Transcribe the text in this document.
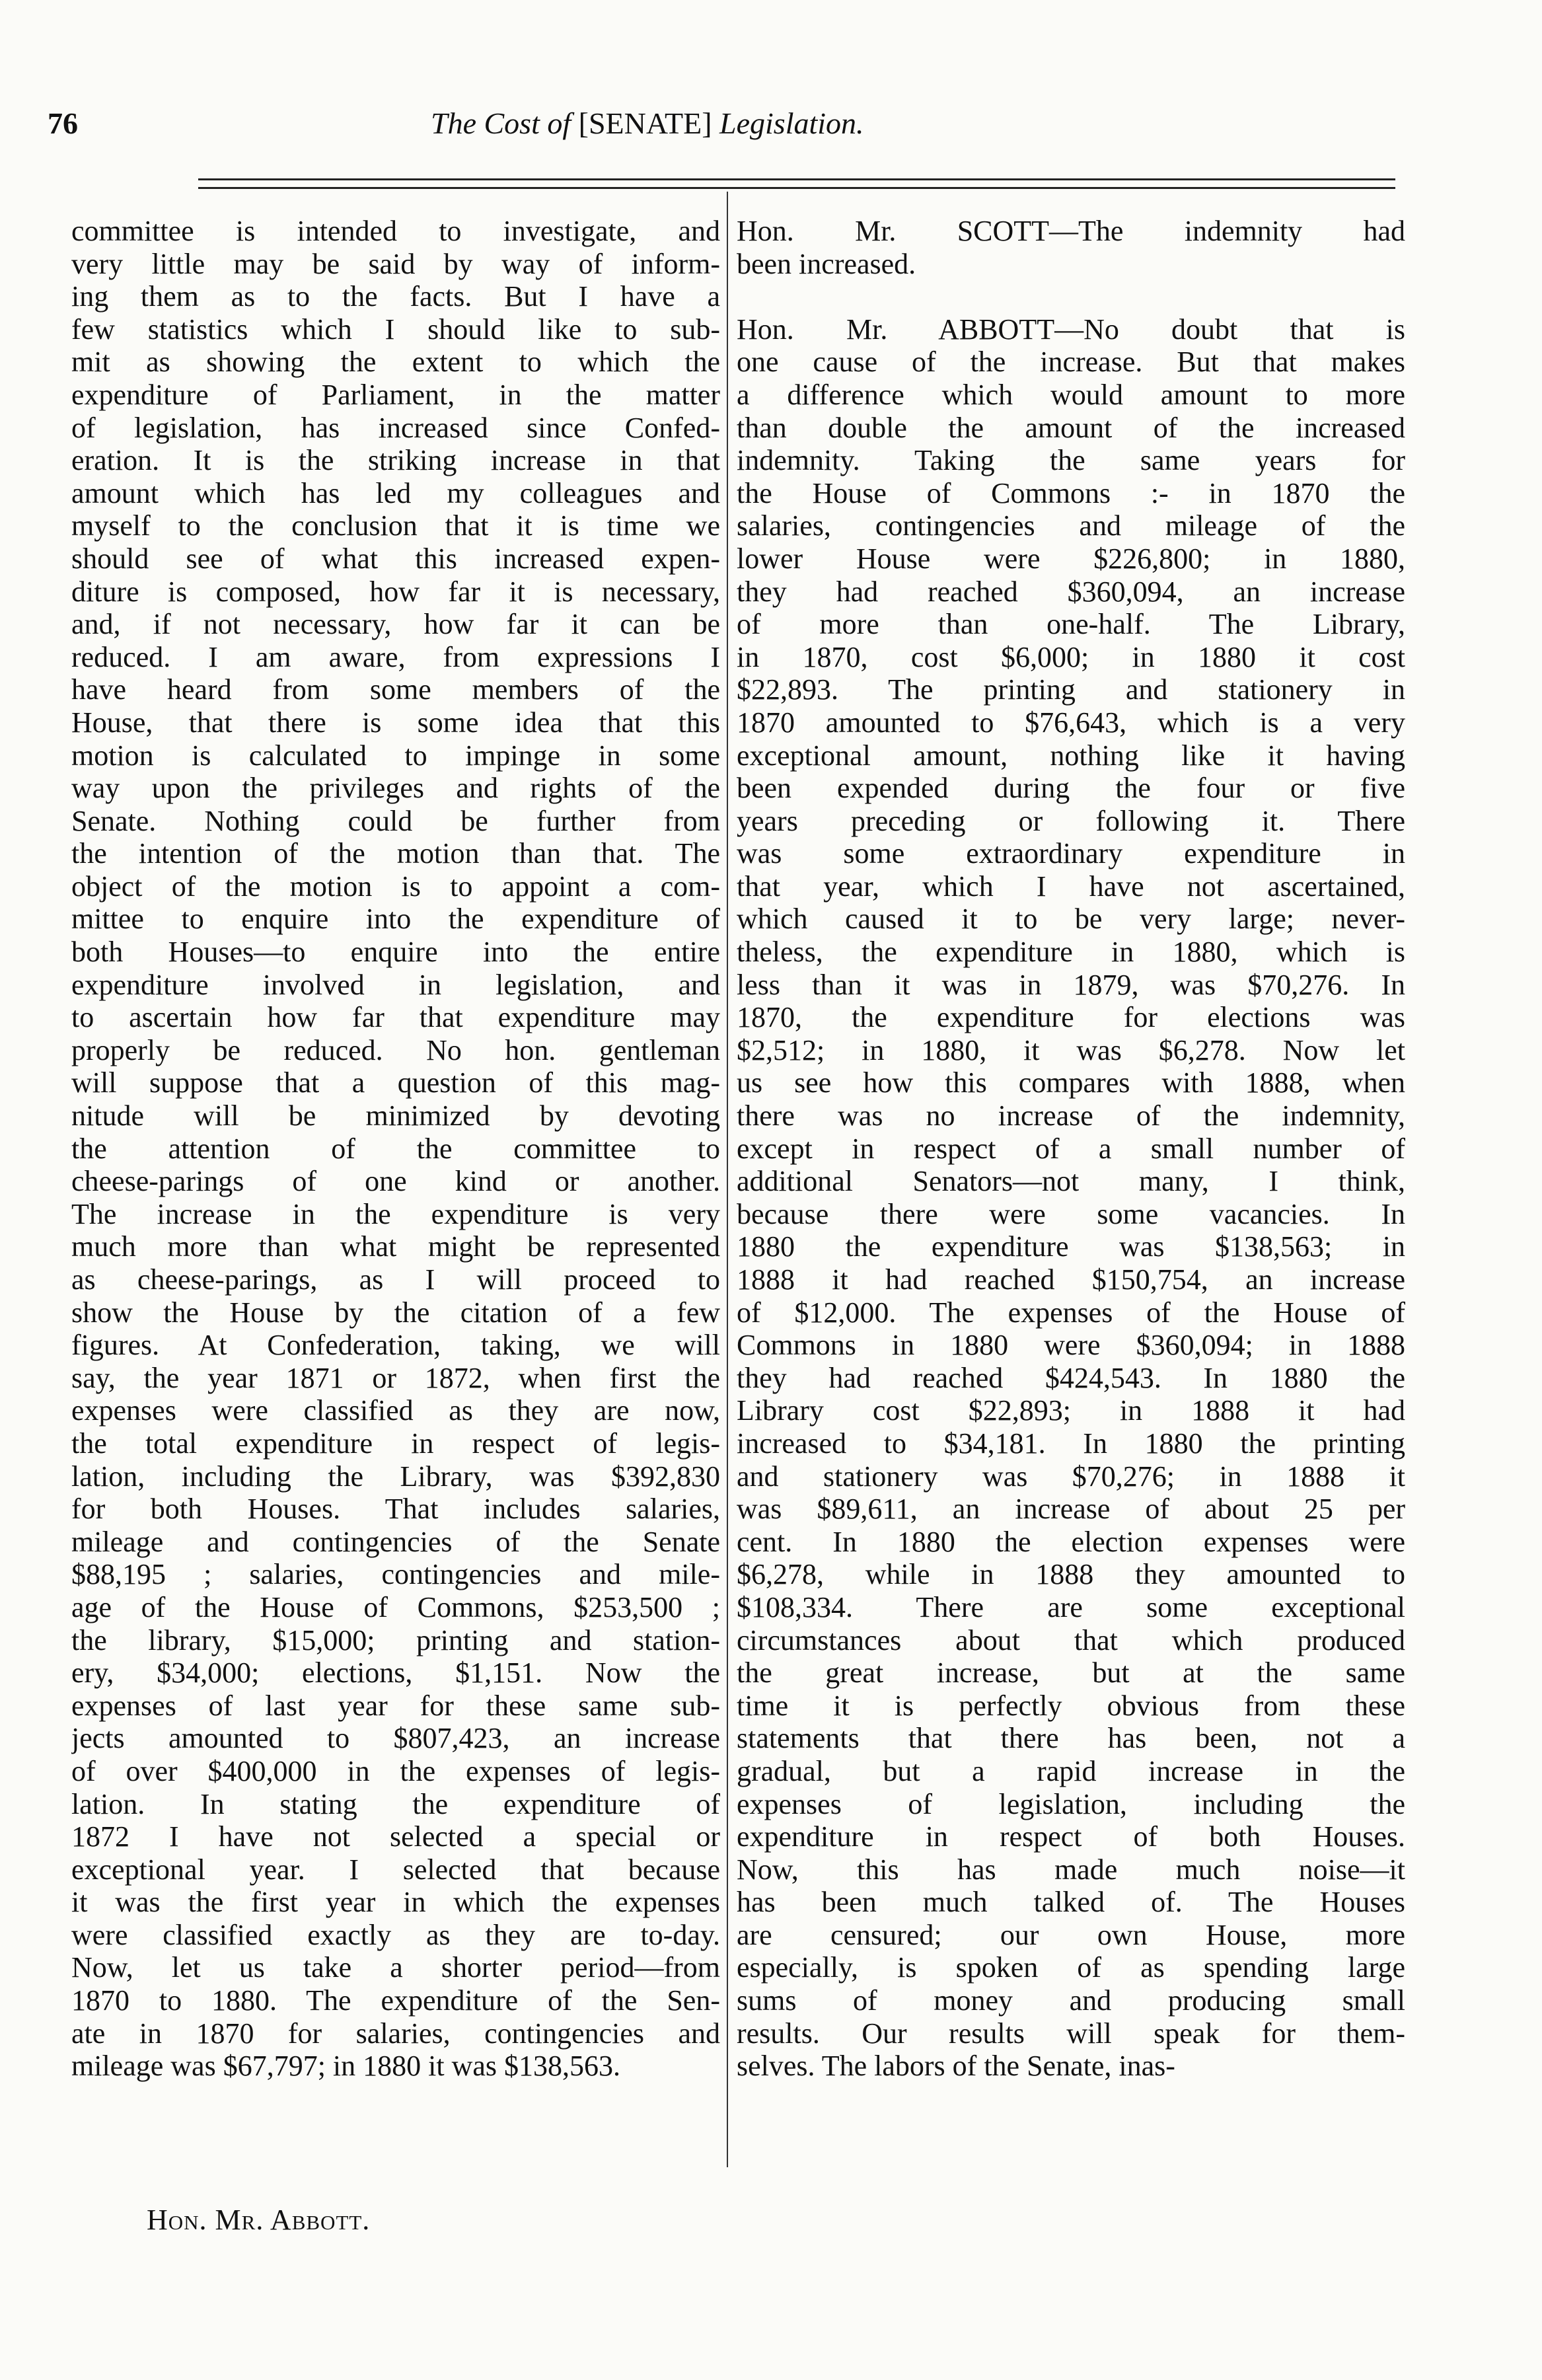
76	The Cost of [SENATE] Legislation.
committee is intended to investigate, and
very little may be said by way of inform-
ing them as to the facts. But I have a
few statistics which I should like to sub-
mit as showing the extent to which the
expenditure of Parliament, in the matter
of legislation, has increased since Confed-
eration. It is the striking increase in that
amount which has led my colleagues and
myself to the conclusion that it is time we
should see of what this increased expen-
diture is composed, how far it is necessary,
and, if not necessary, how far it can be
reduced. I am aware, from expressions I
have heard from some members of the
House, that there is some idea that this
motion is calculated to impinge in some
way upon the privileges and rights of the
Senate. Nothing could be further from
the intention of the motion than that. The
object of the motion is to appoint a com-
mittee to enquire into the expenditure of
both Houses—to enquire into the entire
expenditure involved in legislation, and
to ascertain how far that expenditure may
properly be reduced. No hon. gentleman
will suppose that a question of this mag-
nitude will be minimized by devoting
the attention of the committee to
cheese-parings of one kind or another.
The increase in the expenditure is very
much more than what might be represented
as cheese-parings, as I will proceed to
show the House by the citation of a few
figures. At Confederation, taking, we will
say, the year 1871 or 1872, when first the
expenses were classified as they are now,
the total expenditure in respect of legis-
lation, including the Library, was $392,830
for both Houses. That includes salaries,
mileage and contingencies of the Senate
$88,195 ; salaries, contingencies and mile-
age of the House of Commons, $253,500 ;
the library, $15,000; printing and station-
ery, $34,000; elections, $1,151. Now the
expenses of last year for these same sub-
jects amounted to $807,423, an increase
of over $400,000 in the expenses of legis-
lation. In stating the expenditure of
1872 I have not selected a special or
exceptional year. I selected that because
it was the first year in which the expenses
were classified exactly as they are to-day.
Now, let us take a shorter period—from
1870 to 1880. The expenditure of the Sen-
ate in 1870 for salaries, contingencies and
mileage was $67,797; in 1880 it was $138,563.
Hon. Mr. SCOTT—The indemnity had
been increased.
Hon. Mr. ABBOTT—No doubt that is
one cause of the increase. But that makes
a difference which would amount to more
than double the amount of the increased
indemnity. Taking the same years for
the House of Commons :- in 1870 the
salaries, contingencies and mileage of the
lower House were $226,800; in 1880,
they had reached $360,094, an increase
of more than one-half. The Library,
in 1870, cost $6,000; in 1880 it cost
$22,893. The printing and stationery in
1870 amounted to $76,643, which is a very
exceptional amount, nothing like it having
been expended during the four or five
years preceding or following it. There
was some extraordinary expenditure in
that year, which I have not ascertained,
which caused it to be very large; never-
theless, the expenditure in 1880, which is
less than it was in 1879, was $70,276. In
1870, the expenditure for elections was
$2,512; in 1880, it was $6,278. Now let
us see how this compares with 1888, when
there was no increase of the indemnity,
except in respect of a small number of
additional Senators—not many, I think,
because there were some vacancies. In
1880 the expenditure was $138,563; in
1888 it had reached $150,754, an increase
of $12,000. The expenses of the House of
Commons in 1880 were $360,094; in 1888
they had reached $424,543. In 1880 the
Library cost $22,893; in 1888 it had
increased to $34,181. In 1880 the printing
and stationery was $70,276; in 1888 it
was $89,611, an increase of about 25 per
cent. In 1880 the election expenses were
$6,278, while in 1888 they amounted to
$108,334. There are some exceptional
circumstances about that which produced
the great increase, but at the same
time it is perfectly obvious from these
statements that there has been, not a
gradual, but a rapid increase in the
expenses of legislation, including the
expenditure in respect of both Houses.
Now, this has made much noise—it
has been much talked of. The Houses
are censured; our own House, more
especially, is spoken of as spending large
sums of money and producing small
results. Our results will speak for them-
selves. The labors of the Senate, inas-
Hon. Mr. Abbott.
